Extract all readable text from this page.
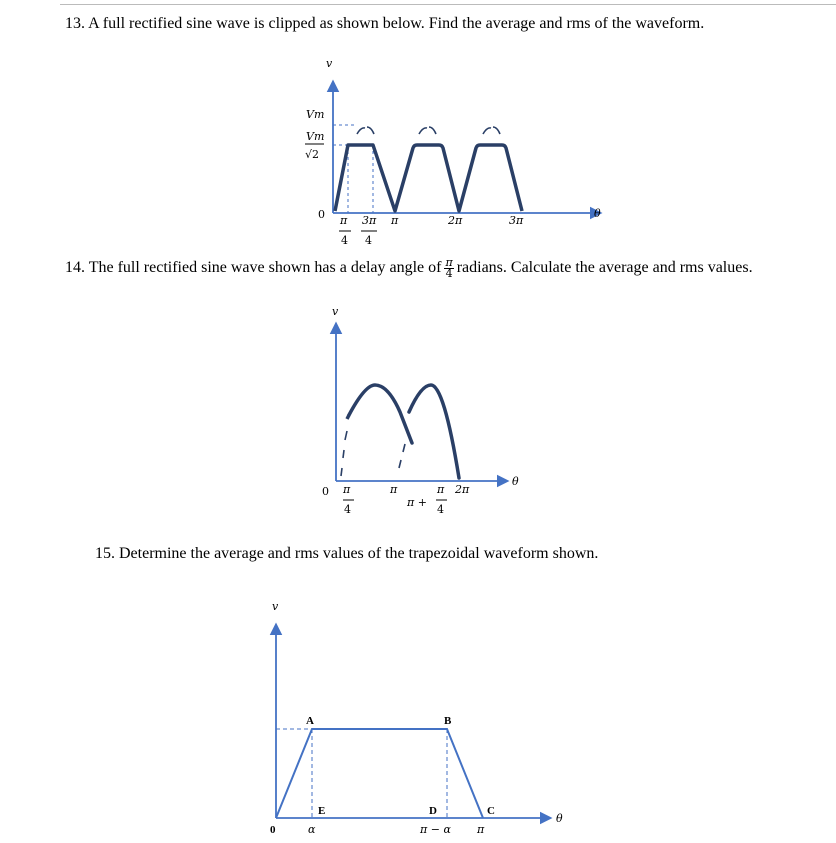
13. A full rectified sine wave is clipped as shown below. Find the average and rms of the waveform.

14. The full rectified sine wave shown has a delay angle of $\frac{\pi}{4}$ radians. Calculate the average and rms values.

15. Determine the average and rms values of the trapezoidal waveform shown.

v
Vm
Vm
√2
0 π
4
3π
4
π	2π	3π
θ
v
0 π
4
π
π +
π
4
2π
θ
v
A	B
C
D
E
0	α	π − α π
θ
